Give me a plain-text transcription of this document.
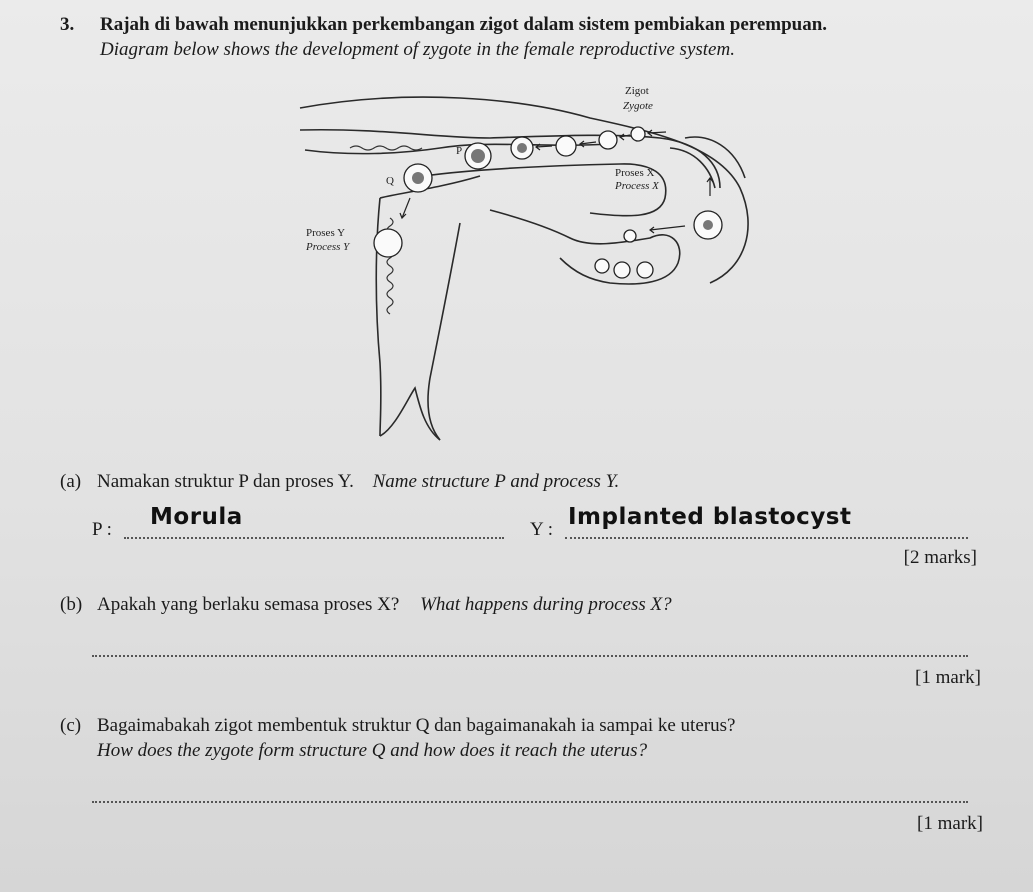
3. Rajah di bawah menunjukkan perkembangan zigot dalam sistem pembiakan perempuan.
Diagram below shows the development of zygote in the female reproductive system.
Zigot
Zygote
P
Q
Proses X
Process X
Proses Y
Process Y
(a) Namakan struktur P dan proses Y. Name structure P and process Y.
P : Morula	Y : Implanted blastocyst
[2 marks]
(b) Apakah yang berlaku semasa proses X? What happens during process X?
[1 mark]
(c) Bagaimabakah zigot membentuk struktur Q dan bagaimanakah ia sampai ke uterus?
How does the zygote form structure Q and how does it reach the uterus?
[1 mark]
